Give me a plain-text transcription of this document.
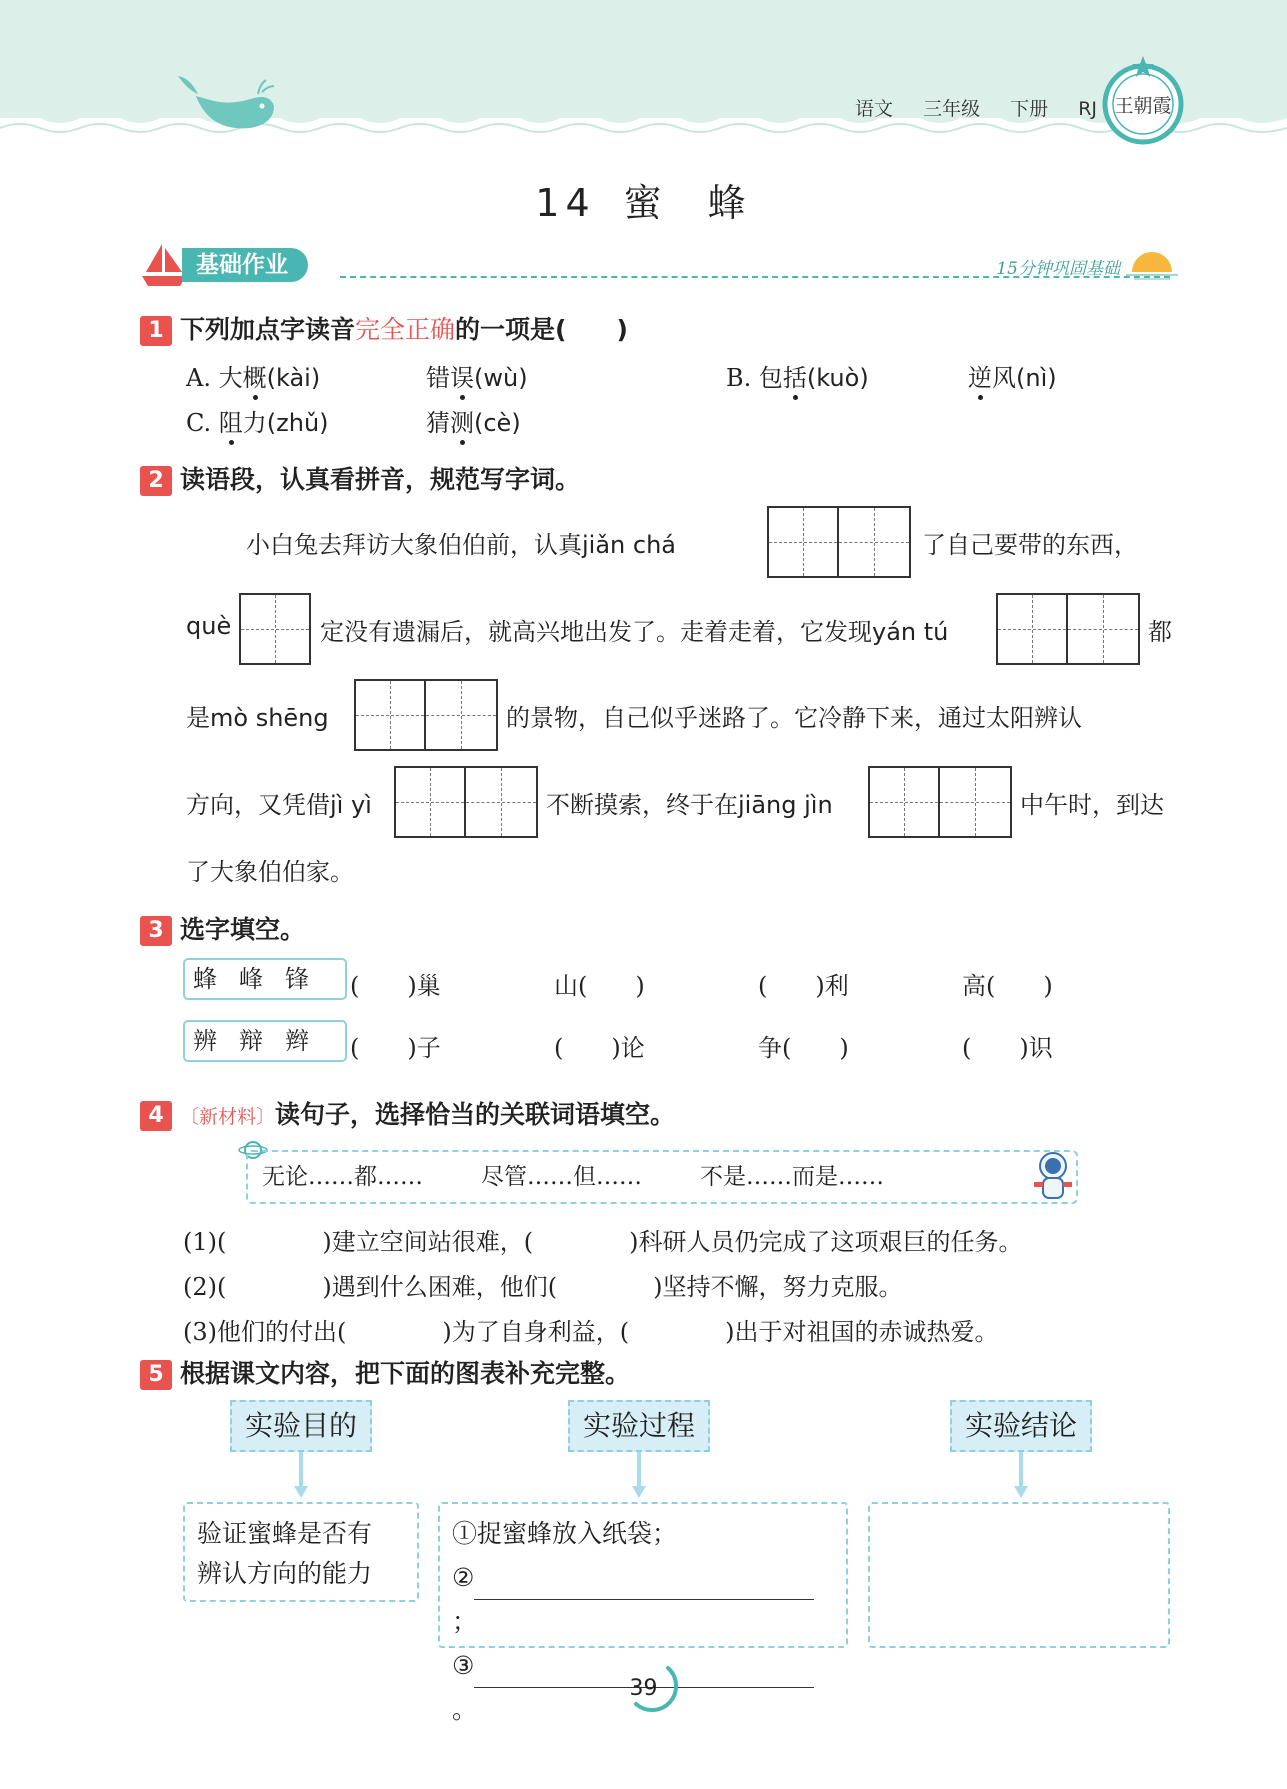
语文 三年级 下册 RJ 王朝霞
14 蜜 蜂
基础作业	15分钟巩固基础
1 下列加点字读音完全正确的一项是(　　)
A. 大概(kài)	错误(wù)	B. 包括(kuò)	逆风(nì)
C. 阻力(zhǔ)	猜测(cè)
2 读语段，认真看拼音，规范写字词。
小白兔去拜访大象伯伯前，认真jiǎn chá	了自己要带的东西，
què	定没有遗漏后，就高兴地出发了。走着走着，它发现yán tú	都
是mò shēng	的景物，自己似乎迷路了。它冷静下来，通过太阳辨认
方向，又凭借jì yì	不断摸索，终于在jiāng jìn	中午时，到达
了大象伯伯家。
3 选字填空。
蜂 峰 锋	(　　)巢	山(　　)	(　　)利	高(　　)
辨 辩 辫	(　　)子	(　　)论	争(　　)	(　　)识
4 〔新材料〕读句子，选择恰当的关联词语填空。
无论……都……	尽管……但……	不是……而是……
(1)(　　　　)建立空间站很难，(　　　　)科研人员仍完成了这项艰巨的任务。
(2)(　　　　)遇到什么困难，他们(　　　　)坚持不懈，努力克服。
(3)他们的付出(　　　　)为了自身利益，(　　　　)出于对祖国的赤诚热爱。
5 根据课文内容，把下面的图表补充完整。
实验目的	实验过程	实验结论
验证蜜蜂是否有
辨认方向的能力
①捉蜜蜂放入纸袋；
②；
③。
39
